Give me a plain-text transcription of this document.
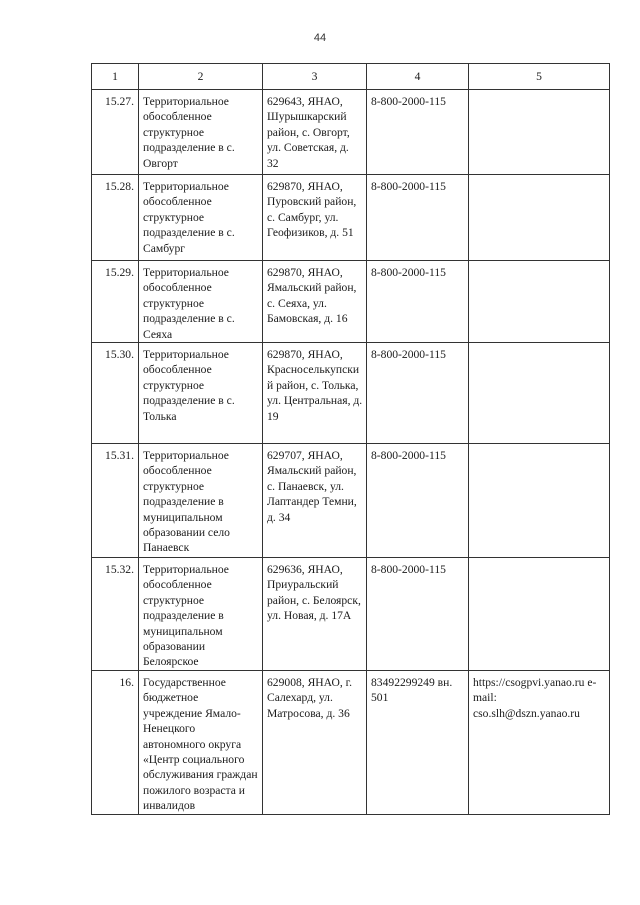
44
1	2	3	4	5
15.27.	Территориальное обособленное структурное подразделение в с. Овгорт	629643, ЯНАО, Шурышкарский район, с. Овгорт, ул. Советская, д. 32	8-800-2000-115	
15.28.	Территориальное обособленное структурное подразделение в с. Самбург	629870, ЯНАО, Пуровский район, с. Самбург, ул. Геофизиков, д. 51	8-800-2000-115	
15.29.	Территориальное обособленное структурное подразделение в с. Сеяха	629870, ЯНАО, Ямальский район, с. Сеяха, ул. Бамовская, д. 16	8-800-2000-115	
15.30.	Территориальное обособленное структурное подразделение в с. Толька	629870, ЯНАО, Красноселькупский район, с. Толька, ул. Центральная, д. 19	8-800-2000-115	
15.31.	Территориальное обособленное структурное подразделение в муниципальном образовании село Панаевск	629707, ЯНАО, Ямальский район, с. Панаевск, ул. Лаптандер Темни, д. 34	8-800-2000-115	
15.32.	Территориальное обособленное структурное подразделение в муниципальном образовании Белоярское	629636, ЯНАО, Приуральский район, с. Белоярск, ул. Новая, д. 17А	8-800-2000-115	
16.	Государственное бюджетное учреждение Ямало-Ненецкого автономного округа «Центр социального обслуживания граждан пожилого возраста и инвалидов	629008, ЯНАО, г. Салехард, ул. Матросова, д. 36	83492299249 вн. 501	https://csogpvi.yanao.ru e-mail: cso.slh@dszn.yanao.ru
